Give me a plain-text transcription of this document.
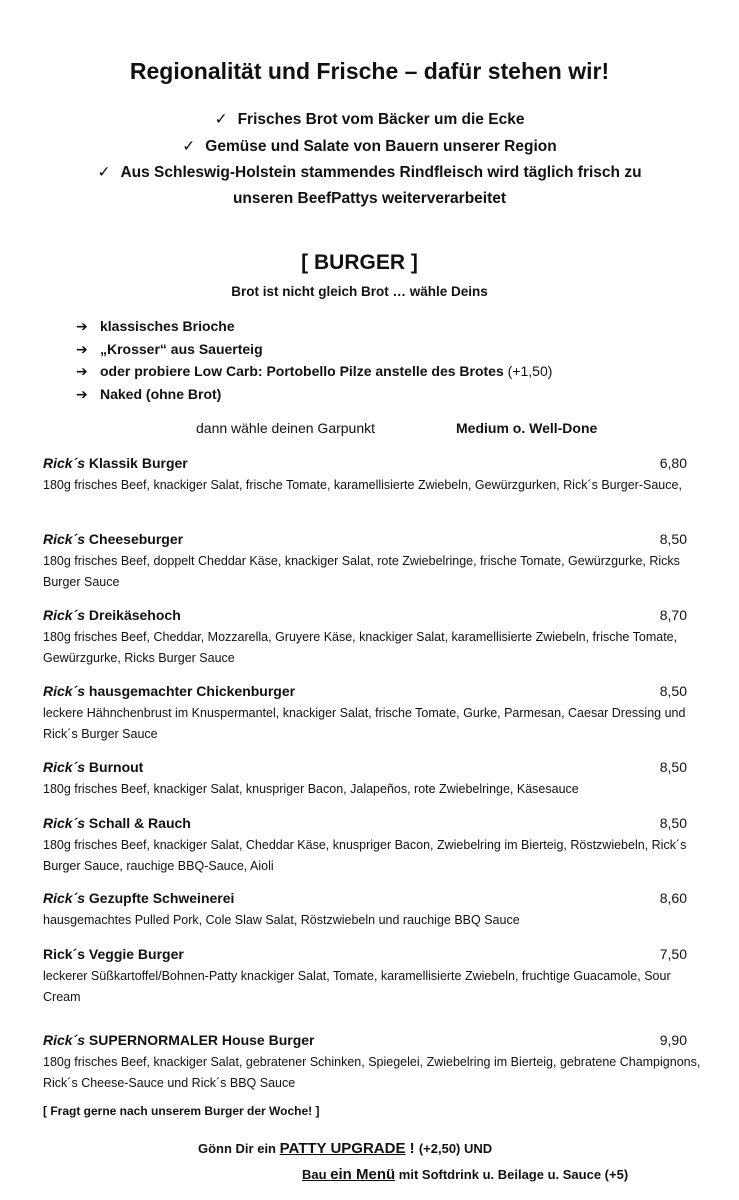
Regionalität und Frische – dafür stehen wir!
✓ Frisches Brot vom Bäcker um die Ecke
✓ Gemüse und Salate von Bauern unserer Region
✓ Aus Schleswig-Holstein stammendes Rindfleisch wird täglich frisch zu
unseren BeefPattys weiterverarbeitet
[ BURGER ]
Brot ist nicht gleich Brot … wähle Deins
➔ klassisches Brioche
➔ „Krosser“ aus Sauerteig
➔ oder probiere Low Carb: Portobello Pilze anstelle des Brotes (+1,50)
➔ Naked (ohne Brot)
dann wähle deinen Garpunkt	Medium o. Well-Done
Rick´s Klassik Burger	6,80
180g frisches Beef, knackiger Salat, frische Tomate, karamellisierte Zwiebeln, Gewürzgurken, Rick´s Burger-Sauce,
Rick´s Cheeseburger	8,50
180g frisches Beef, doppelt Cheddar Käse, knackiger Salat, rote Zwiebelringe, frische Tomate, Gewürzgurke, Ricks Burger Sauce
Rick´s Dreikäsehoch	8,70
180g frisches Beef, Cheddar, Mozzarella, Gruyere Käse, knackiger Salat, karamellisierte Zwiebeln, frische Tomate, Gewürzgurke, Ricks Burger Sauce
Rick´s hausgemachter Chickenburger	8,50
leckere Hähnchenbrust im Knuspermantel, knackiger Salat, frische Tomate, Gurke, Parmesan, Caesar Dressing und Rick´s Burger Sauce
Rick´s Burnout	8,50
180g frisches Beef, knackiger Salat, knuspriger Bacon, Jalapeños, rote Zwiebelringe, Käsesauce
Rick´s Schall & Rauch	8,50
180g frisches Beef, knackiger Salat, Cheddar Käse, knuspriger Bacon, Zwiebelring im Bierteig, Röstzwiebeln, Rick´s Burger Sauce, rauchige BBQ-Sauce, Aioli
Rick´s Gezupfte Schweinerei	8,60
hausgemachtes Pulled Pork, Cole Slaw Salat, Röstzwiebeln und rauchige BBQ Sauce
Rick´s Veggie Burger	7,50
leckerer Süßkartoffel/Bohnen-Patty knackiger Salat, Tomate, karamellisierte Zwiebeln, fruchtige Guacamole, Sour Cream
Rick´s SUPERNORMALER House Burger	9,90
180g frisches Beef, knackiger Salat, gebratener Schinken, Spiegelei, Zwiebelring im Bierteig, gebratene Champignons, Rick´s Cheese-Sauce und Rick´s BBQ Sauce
[ Fragt gerne nach unserem Burger der Woche! ]
Gönn Dir ein PATTY UPGRADE ! (+2,50) UND
Bau ein Menü mit Softdrink u. Beilage u. Sauce (+5)
